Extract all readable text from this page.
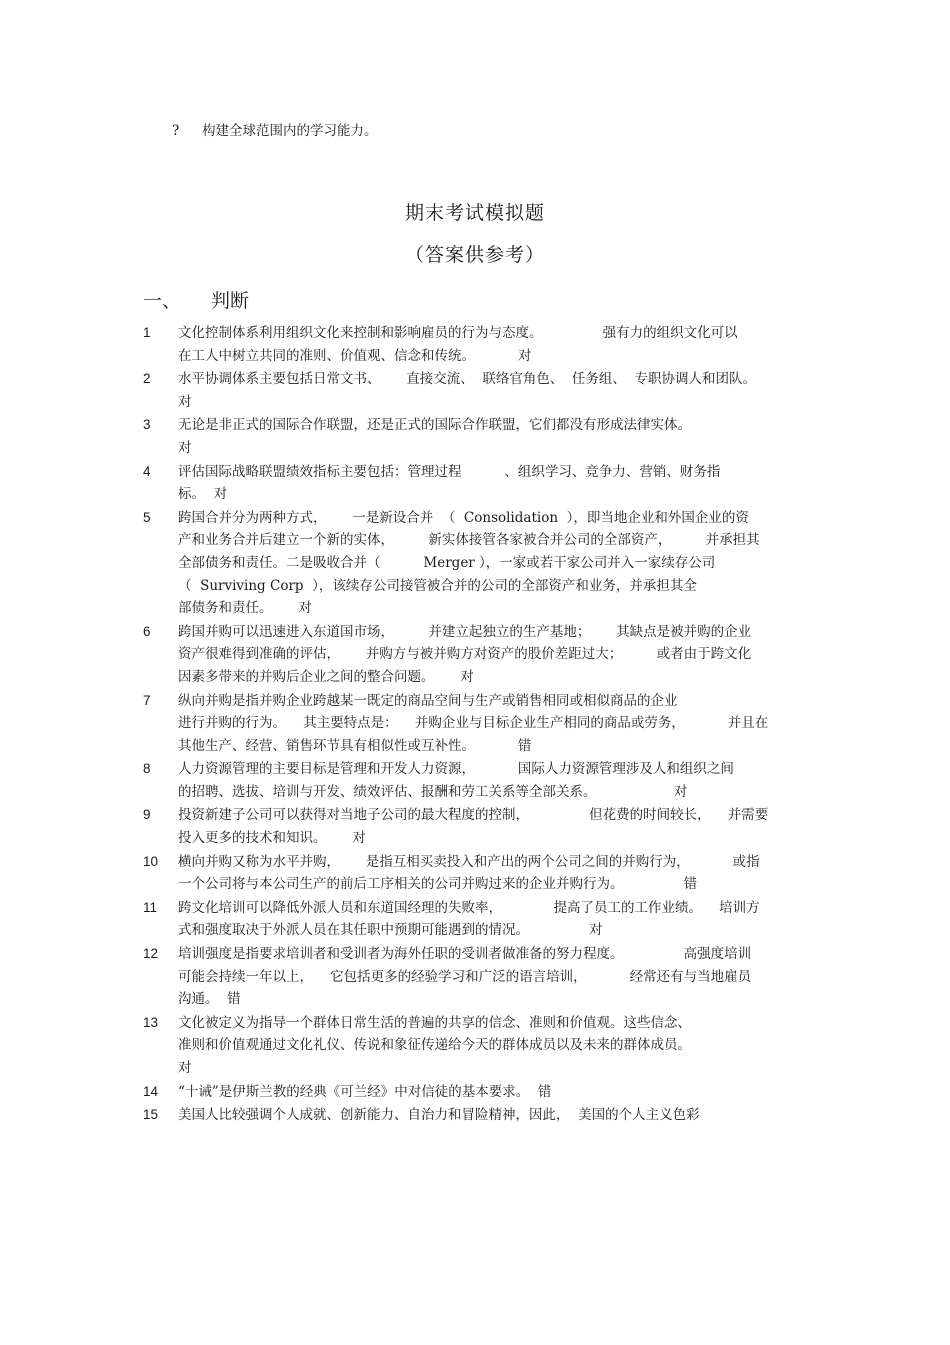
? 构建全球范围内的学习能力。
期末考试模拟题
（答案供参考）
一、 判断
1 文化控制体系利用组织文化来控制和影响雇员的行为与态度。              强有力的组织文化可以
在工人中树立共同的准则、价值观、信念和传统。          对
2 水平协调体系主要包括日常文书、      直接交流、  联络官角色、  任务组、  专职协调人和团队。
对
3 无论是非正式的国际合作联盟，还是正式的国际合作联盟，它们都没有形成法律实体。
对
4 评估国际战略联盟绩效指标主要包括：管理过程          、组织学习、竞争力、营销、财务指
标。  对
5 跨国合并分为两种方式，      一是新设合并  （  Consolidation  ），即当地企业和外国企业的资
产和业务合并后建立一个新的实体，        新实体接管各家被合并公司的全部资产，        并承担其
全部债务和责任。二是吸收合并（          Merger ），一家或若干家公司并入一家续存公司
（  Surviving Corp  ），该续存公司接管被合并的公司的全部资产和业务，并承担其全
部债务和责任。      对
6 跨国并购可以迅速进入东道国市场，        并建立起独立的生产基地；      其缺点是被并购的企业
资产很难得到准确的评估，      并购方与被并购方对资产的股价差距过大；        或者由于跨文化
因素多带来的并购后企业之间的整合问题。      对
7 纵向并购是指并购企业跨越某一既定的商品空间与生产或销售相同或相似商品的企业
进行并购的行为。    其主要特点是：    并购企业与目标企业生产相同的商品或劳务，          并且在
其他生产、经营、销售环节具有相似性或互补性。          错
8 人力资源管理的主要目标是管理和开发人力资源，          国际人力资源管理涉及人和组织之间
的招聘、选拔、培训与开发、绩效评估、报酬和劳工关系等全部关系。                  对
9 投资新建子公司可以获得对当地子公司的最大程度的控制，              但花费的时间较长，    并需要
投入更多的技术和知识。      对
10 横向并购又称为水平并购，      是指互相买卖投入和产出的两个公司之间的并购行为，          或指
一个公司将与本公司生产的前后工序相关的公司并购过来的企业并购行为。              错
11 跨文化培训可以降低外派人员和东道国经理的失败率，            提高了员工的工作业绩。    培训方
式和强度取决于外派人员在其任职中预期可能遇到的情况。              对
12 培训强度是指要求培训者和受训者为海外任职的受训者做准备的努力程度。              高强度培训
可能会持续一年以上，    它包括更多的经验学习和广泛的语言培训，          经常还有与当地雇员
沟通。  错
13 文化被定义为指导一个群体日常生活的普遍的共享的信念、准则和价值观。这些信念、
准则和价值观通过文化礼仪、传说和象征传递给今天的群体成员以及未来的群体成员。
对
14 “十诫”是伊斯兰教的经典《可兰经》中对信徒的基本要求。  错
15 美国人比较强调个人成就、创新能力、自治力和冒险精神，因此，  美国的个人主义色彩
